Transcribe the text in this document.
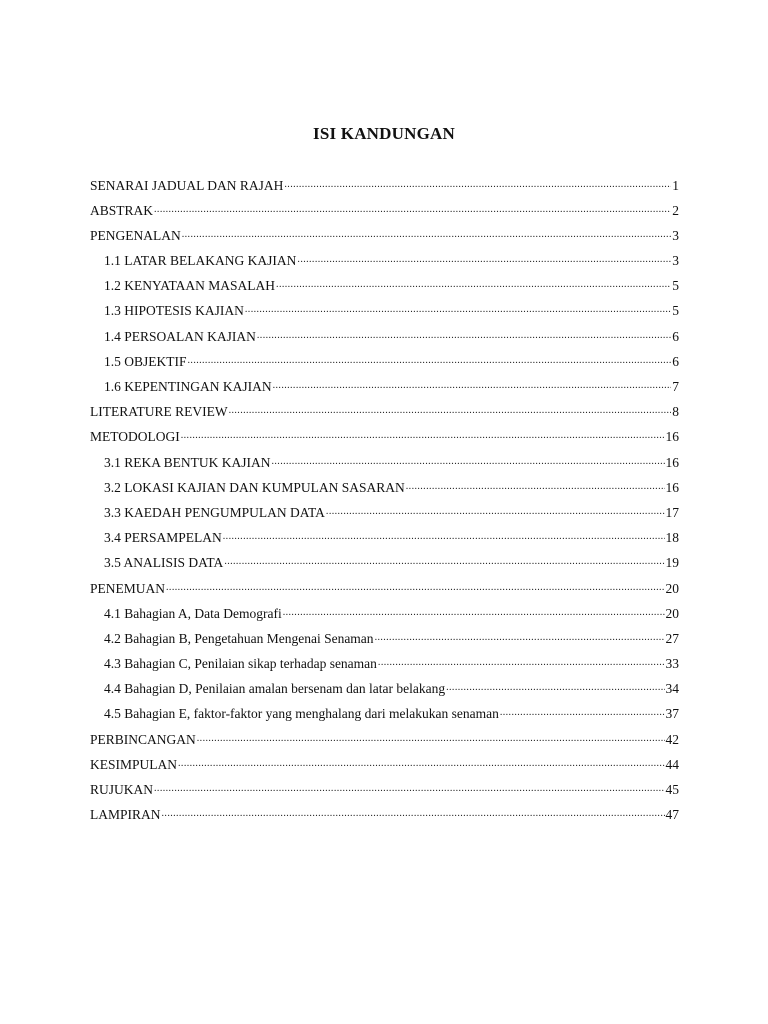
ISI KANDUNGAN
SENARAI JADUAL DAN RAJAH .....	1
ABSTRAK .....	2
PENGENALAN .....	3
1.1 LATAR BELAKANG KAJIAN .....	3
1.2 KENYATAAN MASALAH .....	5
1.3 HIPOTESIS KAJIAN .....	5
1.4 PERSOALAN KAJIAN .....	6
1.5 OBJEKTIF .....	6
1.6 KEPENTINGAN KAJIAN .....	7
LITERATURE REVIEW .....	8
METODOLOGI .....	16
3.1 REKA BENTUK KAJIAN .....	16
3.2 LOKASI KAJIAN DAN KUMPULAN SASARAN .....	16
3.3 KAEDAH PENGUMPULAN DATA .....	17
3.4 PERSAMPELAN .....	18
3.5 ANALISIS DATA .....	19
PENEMUAN .....	20
4.1 Bahagian A, Data Demografi .....	20
4.2 Bahagian B, Pengetahuan Mengenai Senaman .....	27
4.3 Bahagian C, Penilaian sikap terhadap senaman .....	33
4.4 Bahagian D, Penilaian amalan bersenam dan latar belakang .....	34
4.5 Bahagian E, faktor-faktor yang menghalang dari melakukan senaman .....	37
PERBINCANGAN .....	42
KESIMPULAN .....	44
RUJUKAN .....	45
LAMPIRAN .....	47
